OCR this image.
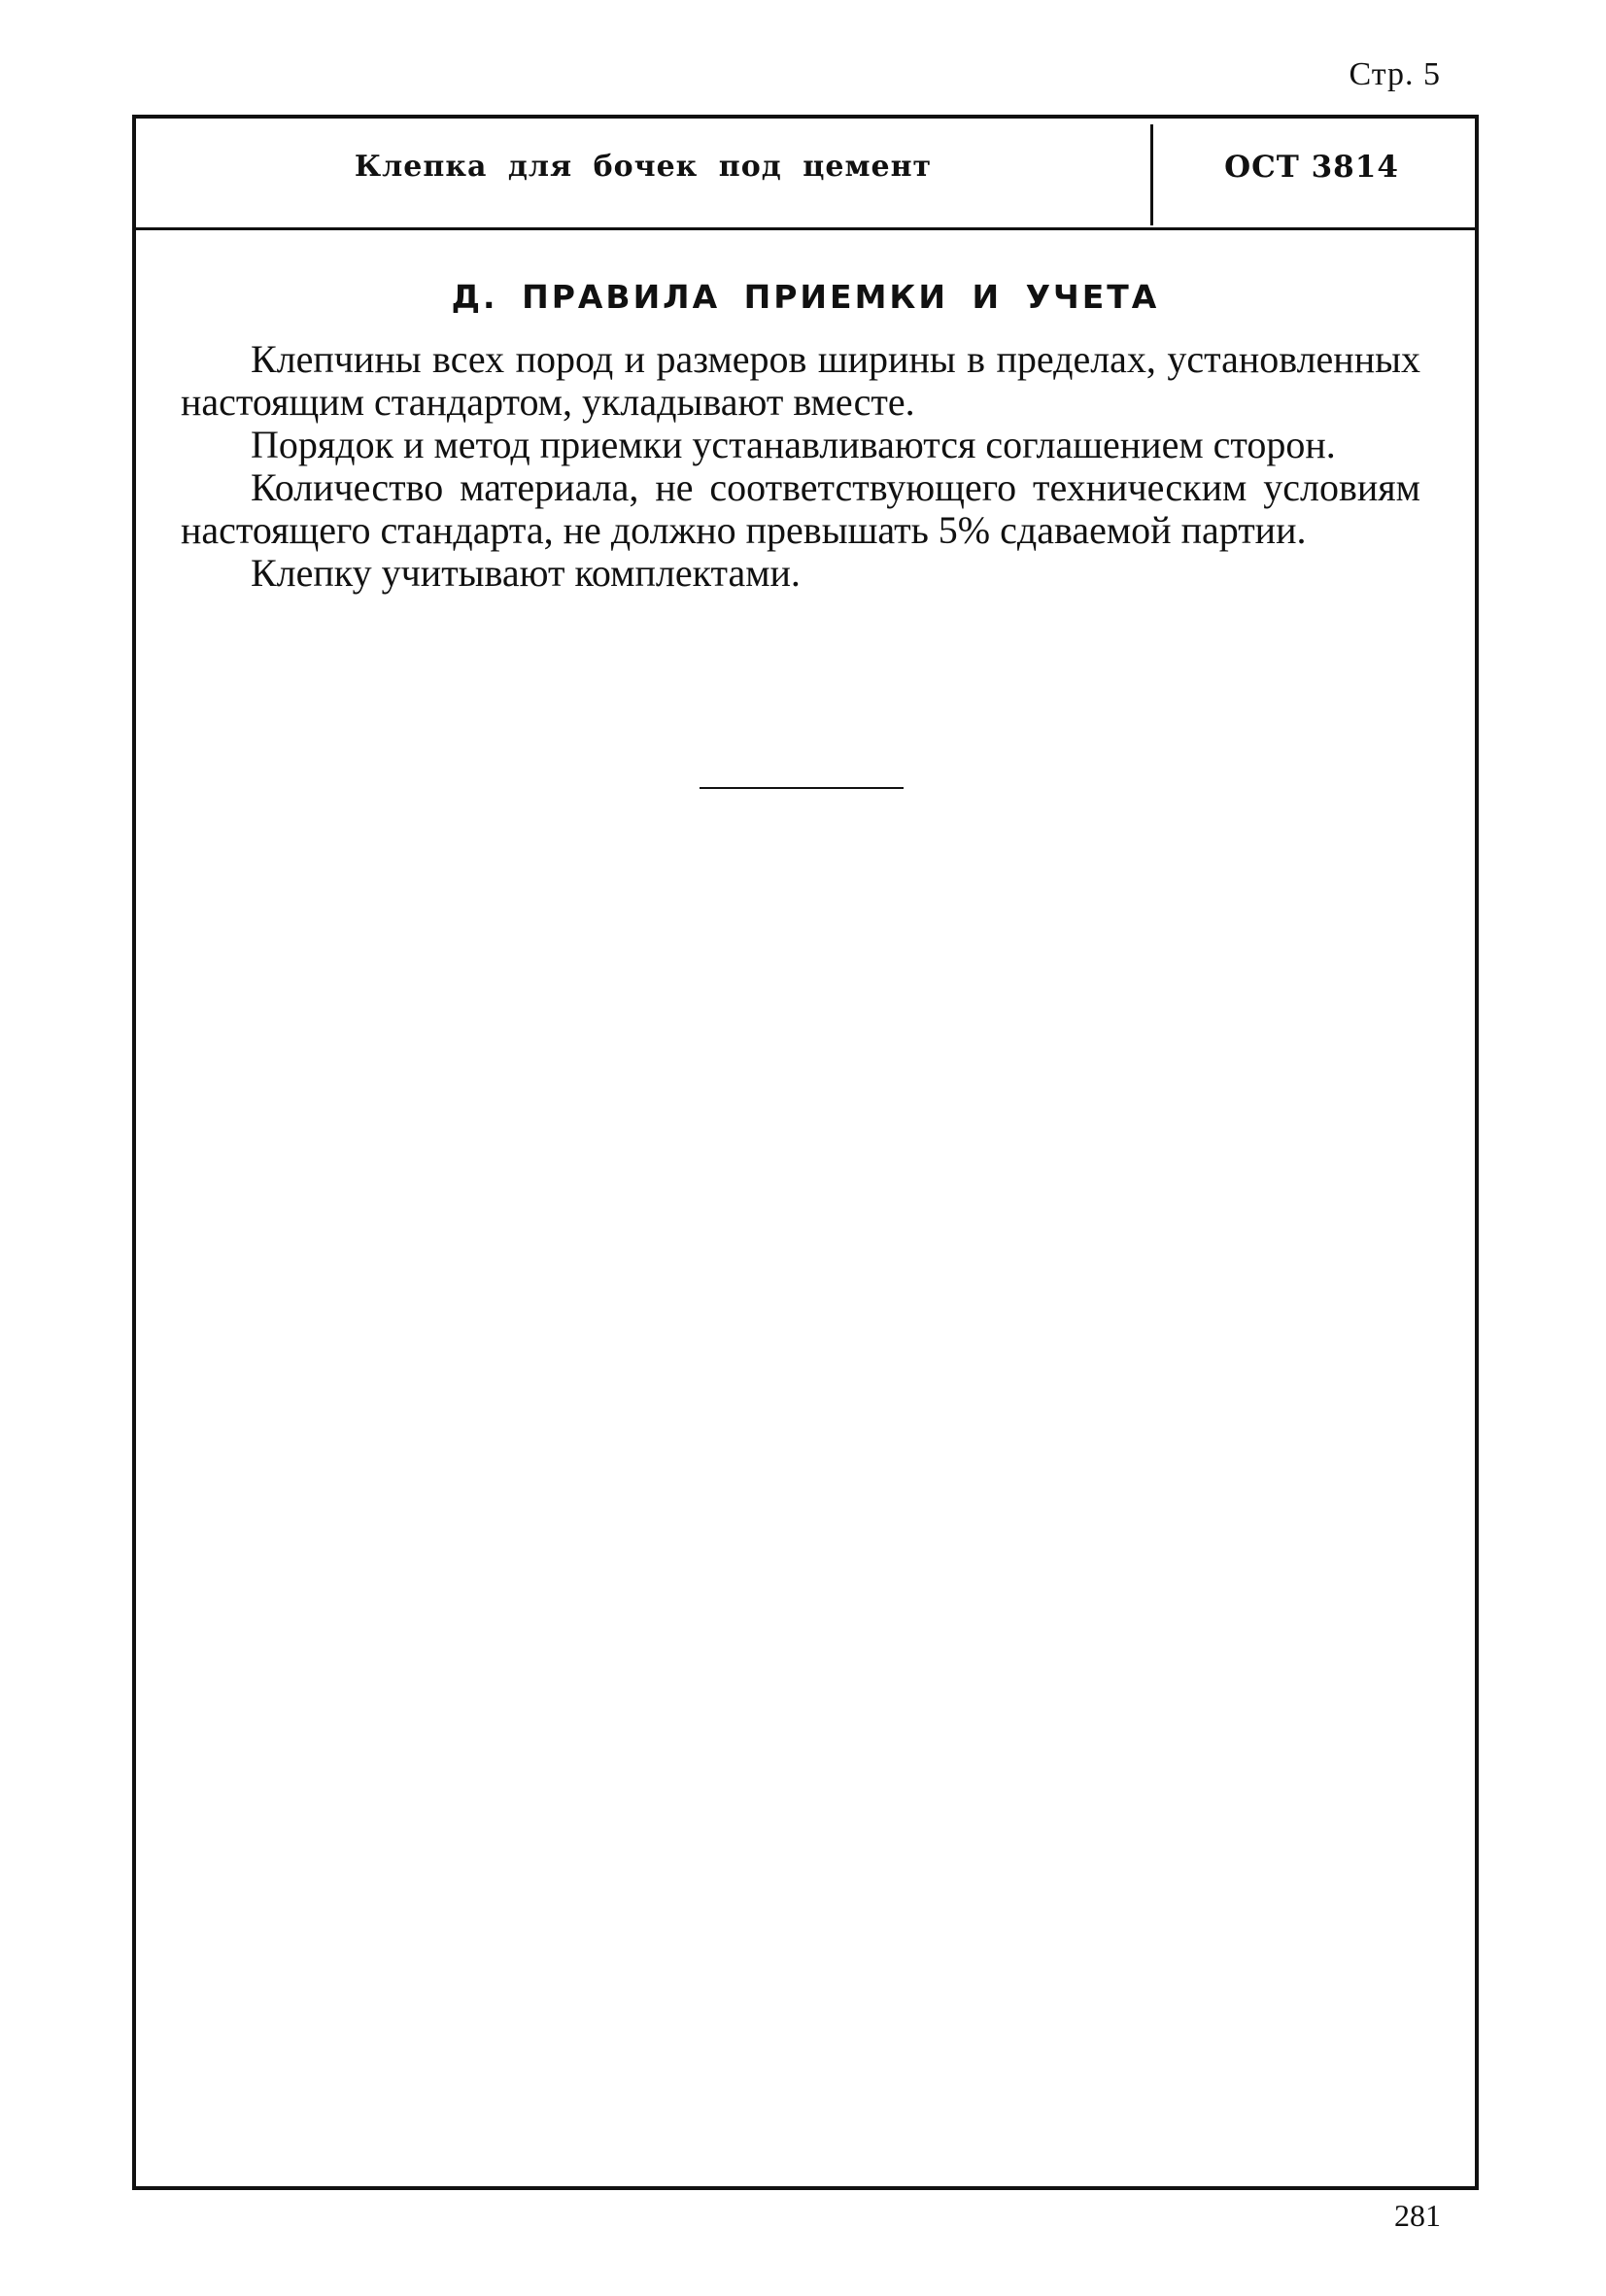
Стр. 5
Клепка для бочек под цемент	ОСТ 3814
Д. ПРАВИЛА ПРИЕМКИ И УЧЕТА

Клепчины всех пород и размеров ширины в пределах, установленных настоящим стандартом, укладывают вместе.

Порядок и метод приемки устанавливаются соглашением сторон.

Количество материала, не соответствующего техническим условиям настоящего стандарта, не должно превышать 5% сдаваемой партии.

Клепку учитывают комплектами.

281
